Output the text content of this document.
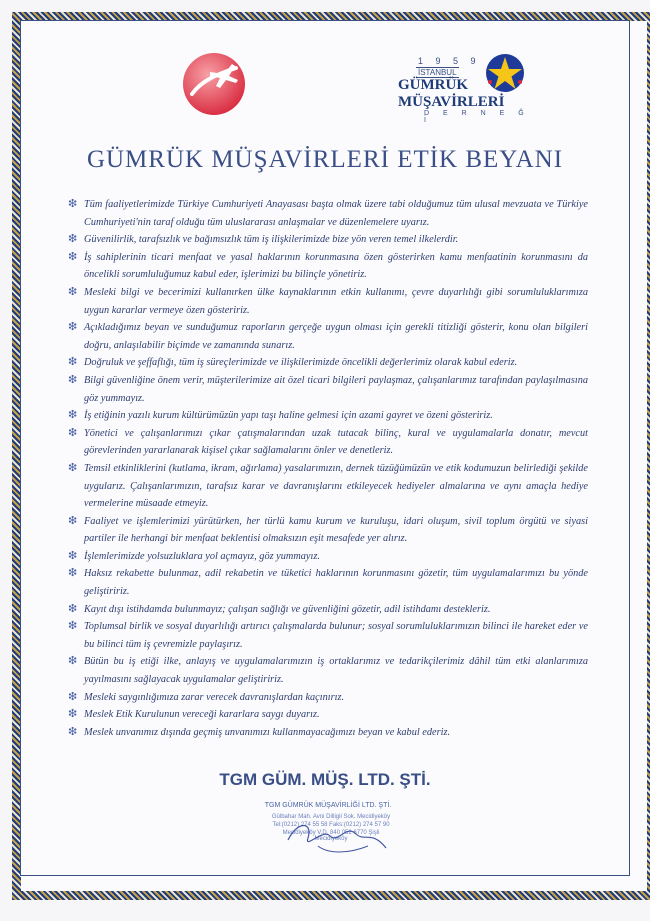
1 9 5 9
İSTANBUL
GÜMRÜK
MÜŞAVİRLERİ
D E R N E Ğ İ
GÜMRÜK MÜŞAVİRLERİ ETİK BEYANI
❇ Tüm faaliyetlerimizde Türkiye Cumhuriyeti Anayasası başta olmak üzere tabi olduğumuz tüm ulusal mevzuata ve Türkiye Cumhuriyeti'nin taraf olduğu tüm uluslararası anlaşmalar ve düzenlemelere uyarız.
❇ Güvenilirlik, tarafsızlık ve bağımsızlık tüm iş ilişkilerimizde bize yön veren temel ilkelerdir.
❇ İş sahiplerinin ticari menfaat ve yasal haklarının korunmasına özen gösterirken kamu menfaatinin korunmasını da öncelikli sorumluluğumuz kabul eder, işlerimizi bu bilinçle yönetiriz.
❇ Mesleki bilgi ve becerimizi kullanırken ülke kaynaklarının etkin kullanımı, çevre duyarlılığı gibi sorumluluklarımıza uygun kararlar vermeye özen gösteririz.
❇ Açıkladığımız beyan ve sunduğumuz raporların gerçeğe uygun olması için gerekli titizliği gösterir, konu olan bilgileri doğru, anlaşılabilir biçimde ve zamanında sunarız.
❇ Doğruluk ve şeffaflığı, tüm iş süreçlerimizde ve ilişkilerimizde öncelikli değerlerimiz olarak kabul ederiz.
❇ Bilgi güvenliğine önem verir, müşterilerimize ait özel ticari bilgileri paylaşmaz, çalışanlarımız tarafından paylaşılmasına göz yummayız.
❇ İş etiğinin yazılı kurum kültürümüzün yapı taşı haline gelmesi için azami gayret ve özeni gösteririz.
❇ Yönetici ve çalışanlarımızı çıkar çatışmalarından uzak tutacak bilinç, kural ve uygulamalarla donatır, mevcut görevlerinden yararlanarak kişisel çıkar sağlamalarını önler ve denetleriz.
❇ Temsil etkinliklerini (kutlama, ikram, ağırlama) yasalarımızın, dernek tüzüğümüzün ve etik kodumuzun belirlediği şekilde uygularız. Çalışanlarımızın, tarafsız karar ve davranışlarını etkileyecek hediyeler almalarına ve aynı amaçla hediye vermelerine müsaade etmeyiz.
❇ Faaliyet ve işlemlerimizi yürütürken, her türlü kamu kurum ve kuruluşu, idari oluşum, sivil toplum örgütü ve siyasi partiler ile herhangi bir menfaat beklentisi olmaksızın eşit mesafede yer alırız.
❇ İşlemlerimizde yolsuzluklara yol açmayız, göz yummayız.
❇ Haksız rekabette bulunmaz, adil rekabetin ve tüketici haklarının korunmasını gözetir, tüm uygulamalarımızı bu yönde geliştiririz.
❇ Kayıt dışı istihdamda bulunmayız; çalışan sağlığı ve güvenliğini gözetir, adil istihdamı destekleriz.
❇ Toplumsal birlik ve sosyal duyarlılığı artırıcı çalışmalarda bulunur; sosyal sorumluluklarımızın bilinci ile hareket eder ve bu bilinci tüm iş çevremizle paylaşırız.
❇ Bütün bu iş etiği ilke, anlayış ve uygulamalarımızın iş ortaklarımız ve tedarikçilerimiz dâhil tüm etki alanlarımıza yayılmasını sağlayacak uygulamalar geliştiririz.
❇ Mesleki saygınlığımıza zarar verecek davranışlardan kaçınırız.
❇ Meslek Etik Kurulunun vereceği kararlara saygı duyarız.
❇ Meslek unvanımız dışında geçmiş unvanımızı kullanmayacağımızı beyan ve kabul ederiz.
TGM GÜM. MÜŞ. LTD. ŞTİ.
TGM GÜMRÜK MÜŞAVİRLİĞİ LTD. ŞTİ.
Gülbahar Mah. Avni Dilligil Sok. Mecidiyeköy
Tel:(0212) 274 55 58 Faks:(0212) 274 57 90
Mecidiyeköy V.D. 840 052 6770 Şişli Mecidiyeköy
